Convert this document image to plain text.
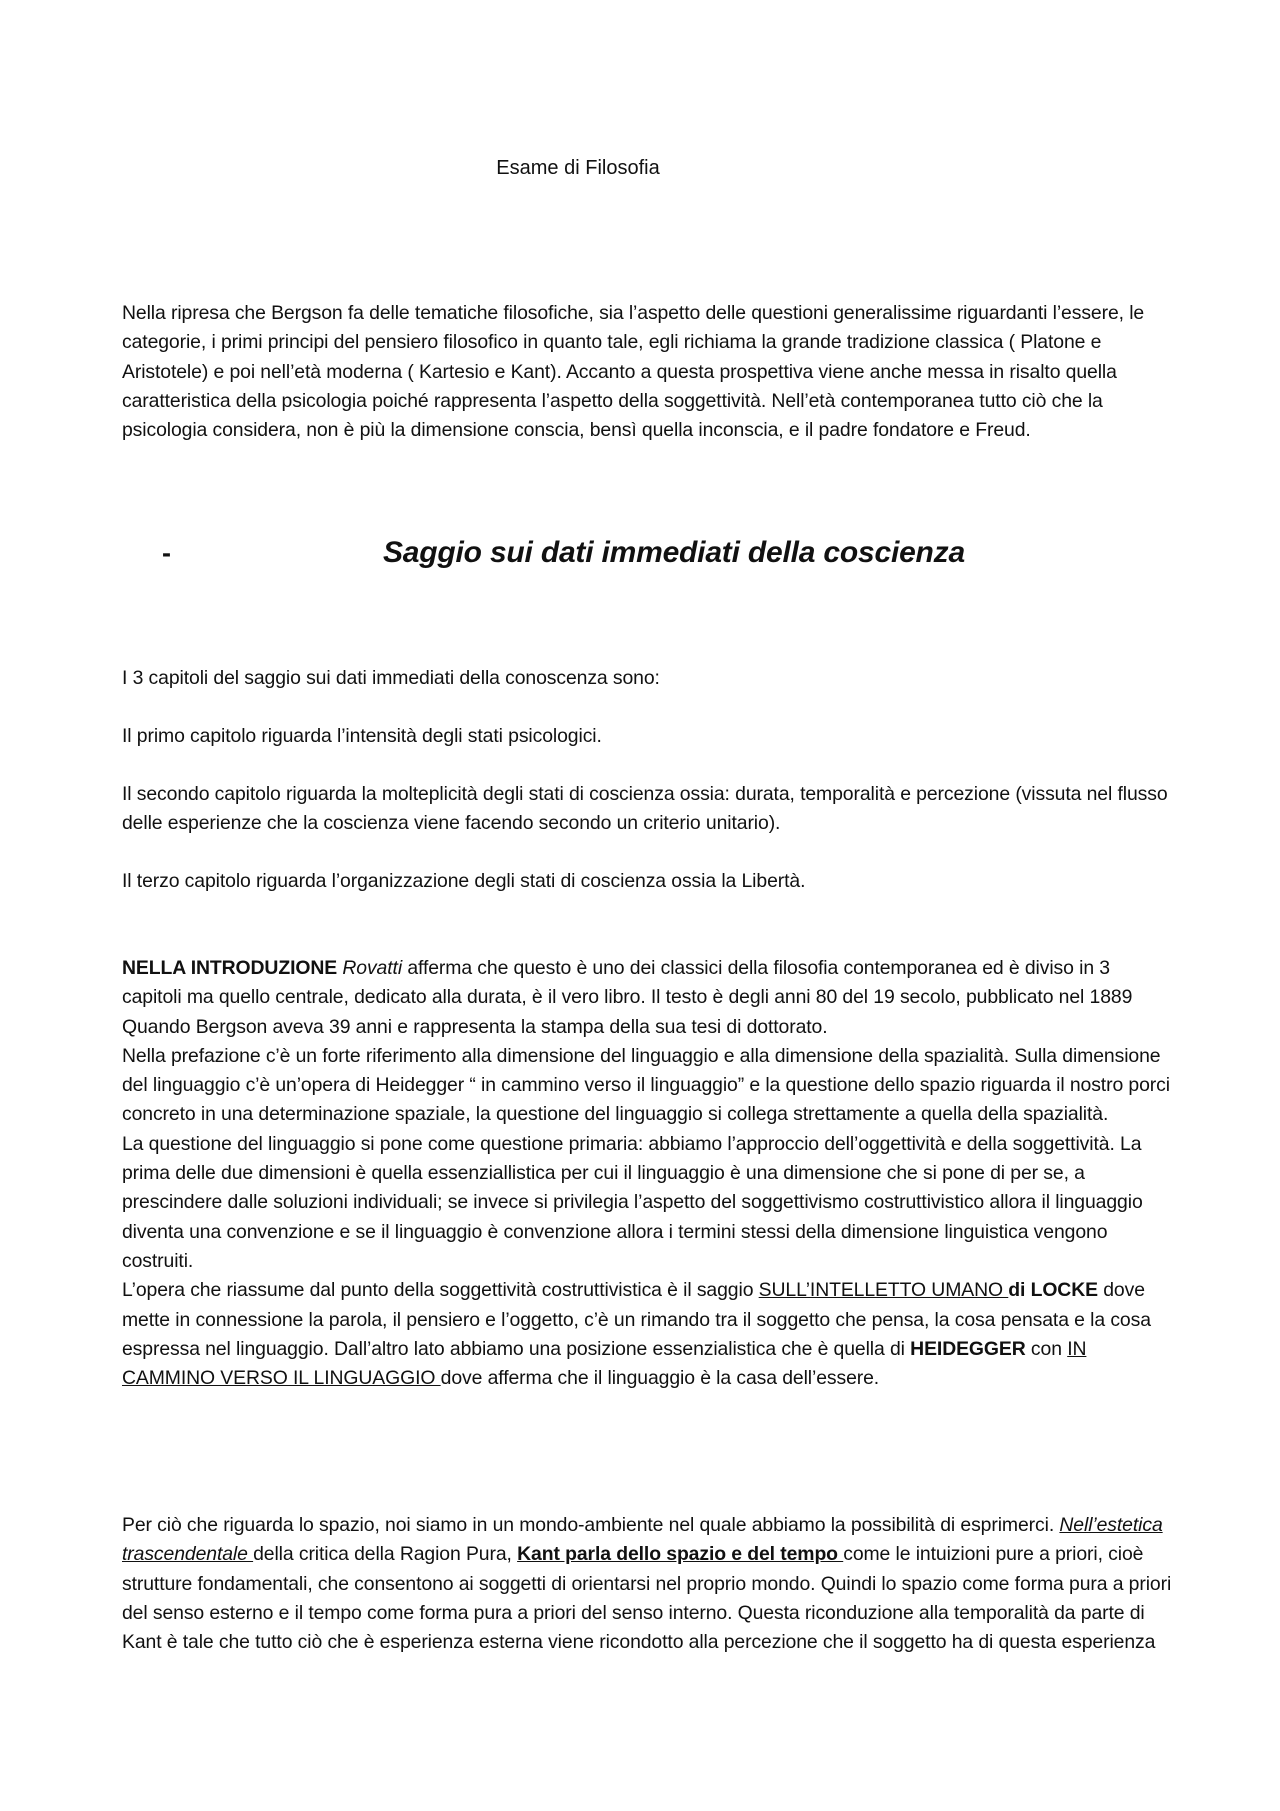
Esame di Filosofia

Nella ripresa che Bergson fa delle tematiche filosofiche, sia l’aspetto delle questioni generalissime riguardanti l’essere, le categorie, i primi principi del pensiero filosofico in quanto tale, egli richiama la grande tradizione classica ( Platone e Aristotele) e poi nell’età moderna ( Kartesio e Kant). Accanto a questa prospettiva viene anche messa in risalto quella caratteristica della psicologia poiché rappresenta l’aspetto della soggettività. Nell’età contemporanea tutto ciò che la psicologia considera, non è più la dimensione conscia, bensì quella inconscia, e il padre fondatore e Freud.

-	Saggio sui dati immediati della coscienza

I 3 capitoli del saggio sui dati immediati della conoscenza sono:

Il primo capitolo riguarda l’intensità degli stati psicologici.

Il secondo capitolo riguarda la molteplicità degli stati di coscienza ossia: durata, temporalità e percezione (vissuta nel flusso delle esperienze che la coscienza viene facendo secondo un criterio unitario).

Il terzo capitolo riguarda l’organizzazione degli stati di coscienza ossia la Libertà.

NELLA INTRODUZIONE Rovatti afferma che questo è uno dei classici della filosofia contemporanea ed è diviso in 3 capitoli ma quello centrale, dedicato alla durata, è il vero libro. Il testo è degli anni 80 del 19 secolo, pubblicato nel 1889 Quando Bergson aveva 39 anni e rappresenta la stampa della sua tesi di dottorato.

Nella prefazione c’è un forte riferimento alla dimensione del linguaggio e alla dimensione della spazialità. Sulla dimensione del linguaggio c’è un’opera di Heidegger “ in cammino verso il linguaggio” e la questione dello spazio riguarda il nostro porci concreto in una determinazione spaziale, la questione del linguaggio si collega strettamente a quella della spazialità.

La questione del linguaggio si pone come questione primaria: abbiamo l’approccio dell’oggettività e della soggettività. La prima delle due dimensioni è quella essenziallistica per cui il linguaggio è una dimensione che si pone di per se, a prescindere dalle soluzioni individuali; se invece si privilegia l’aspetto del soggettivismo costruttivistico allora il linguaggio diventa una convenzione e se il linguaggio è convenzione allora i termini stessi della dimensione linguistica vengono costruiti.

L’opera che riassume dal punto della soggettività costruttivistica è il saggio SULL’INTELLETTO UMANO di LOCKE dove mette in connessione la parola, il pensiero e l’oggetto, c’è un rimando tra il soggetto che pensa, la cosa pensata e la cosa espressa nel linguaggio. Dall’altro lato abbiamo una posizione essenzialistica che è quella di HEIDEGGER con IN CAMMINO VERSO IL LINGUAGGIO dove afferma che il linguaggio è la casa dell’essere.

Per ciò che riguarda lo spazio, noi siamo in un mondo-ambiente nel quale abbiamo la possibilità di esprimerci. Nell’estetica trascendentale della critica della Ragion Pura, Kant parla dello spazio e del tempo come le intuizioni pure a priori, cioè strutture fondamentali, che consentono ai soggetti di orientarsi nel proprio mondo. Quindi lo spazio come forma pura a priori del senso esterno e il tempo come forma pura a priori del senso interno. Questa riconduzione alla temporalità da parte di Kant è tale che tutto ciò che è esperienza esterna viene ricondotto alla percezione che il soggetto ha di questa esperienza
